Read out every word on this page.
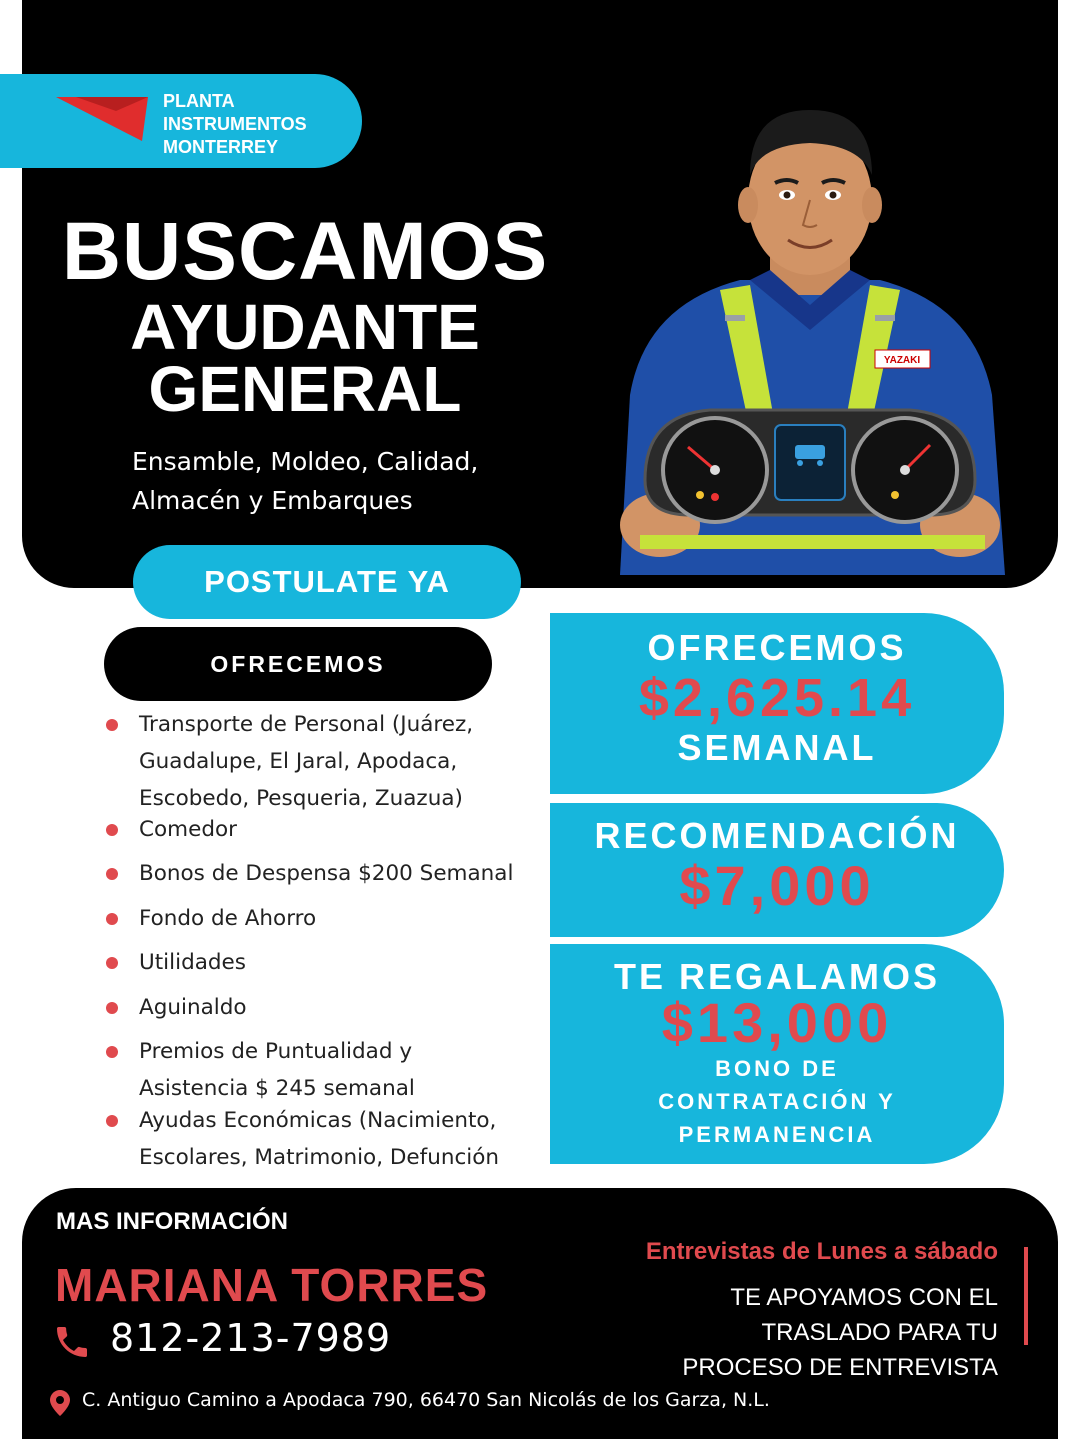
PLANTA
INSTRUMENTOS
MONTERREY
BUSCAMOS
AYUDANTE
GENERAL
Ensamble, Moldeo, Calidad,
Almacén y Embarques
YAZAKI
POSTULATE YA
OFRECEMOS
Transporte de Personal (Juárez,
Guadalupe, El Jaral, Apodaca,
Escobedo, Pesqueria, Zuazua)
Comedor
Bonos de Despensa $200 Semanal
Fondo de Ahorro
Utilidades
Aguinaldo
Premios de Puntualidad y
Asistencia $ 245 semanal
Ayudas Económicas (Nacimiento,
Escolares, Matrimonio, Defunción
OFRECEMOS
$2,625.14
SEMANAL
RECOMENDACIÓN
$7,000
TE REGALAMOS
$13,000
BONO DE
CONTRATACIÓN Y
PERMANENCIA
MAS INFORMACIÓN
MARIANA TORRES
812-213-7989
C. Antiguo Camino a Apodaca 790, 66470 San Nicolás de los Garza, N.L.
Entrevistas de Lunes a sábado
TE APOYAMOS CON EL
TRASLADO PARA TU
PROCESO DE ENTREVISTA
